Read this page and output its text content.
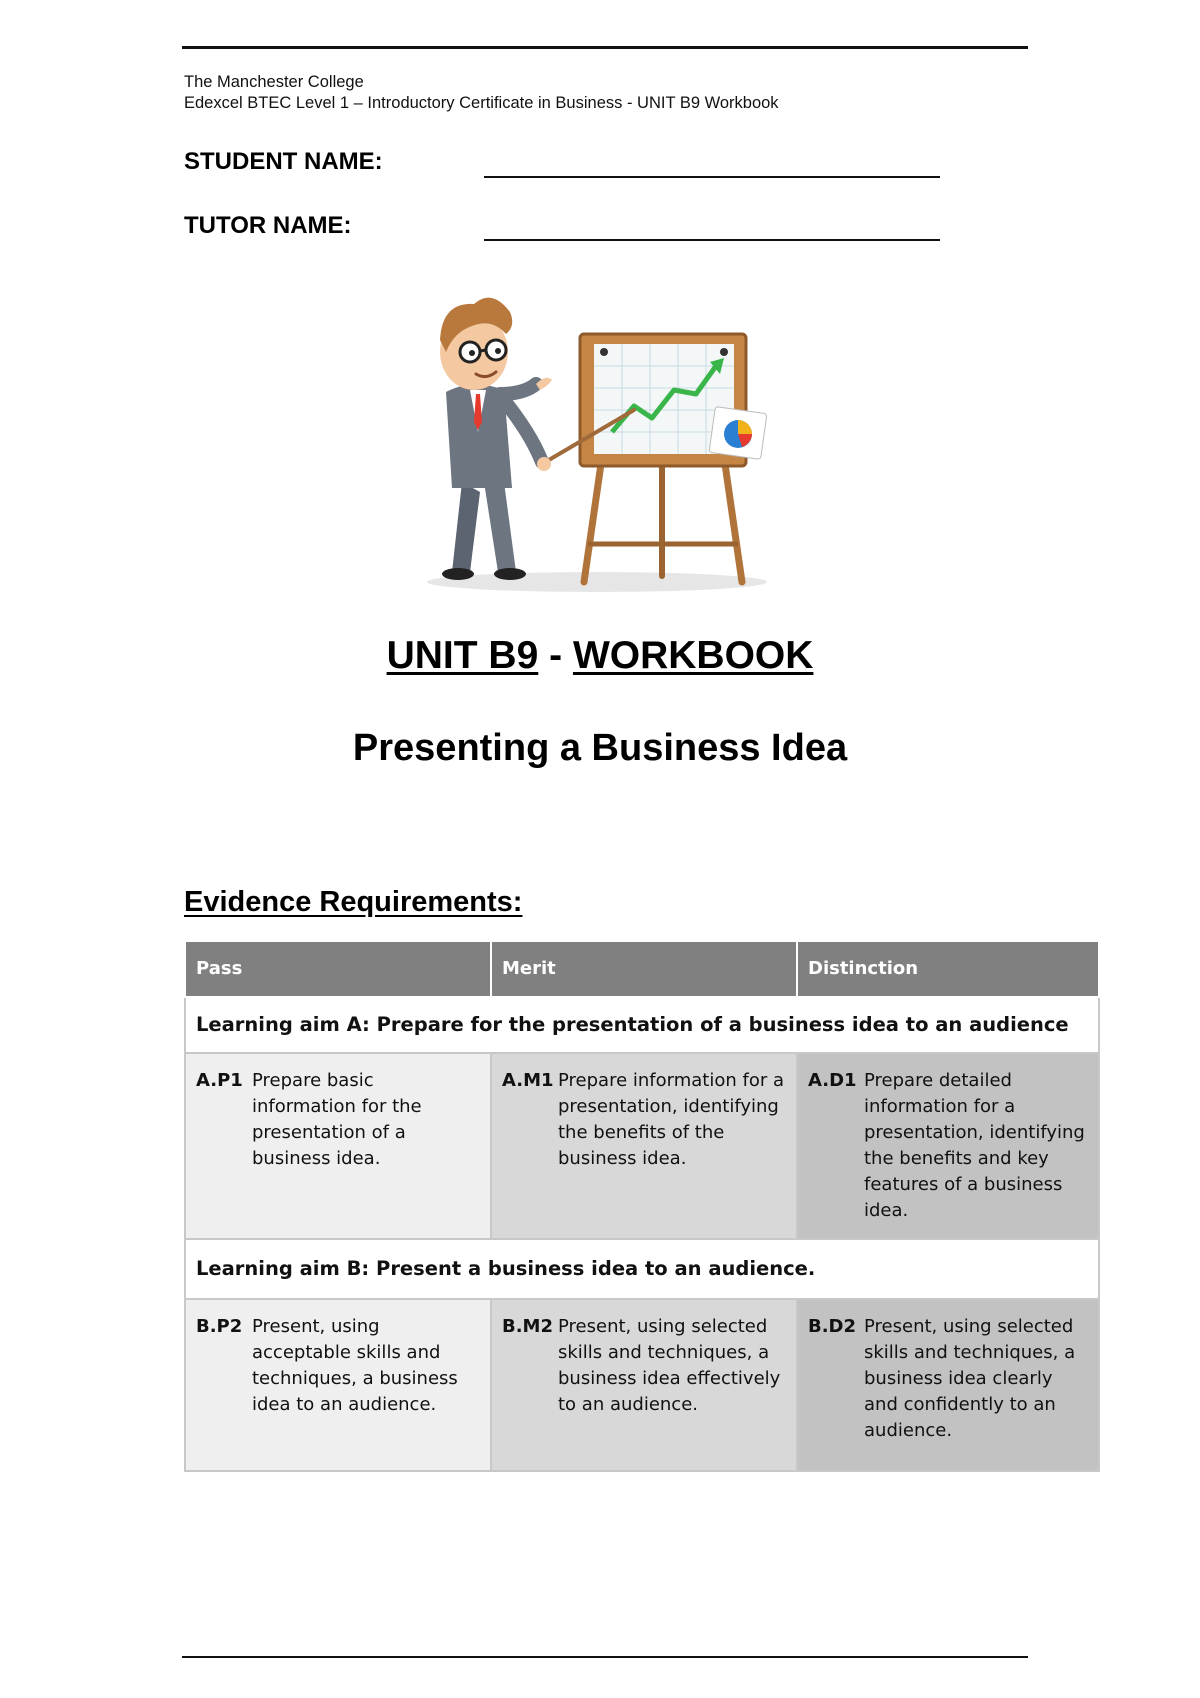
The Manchester College
Edexcel BTEC Level 1 – Introductory Certificate in Business - UNIT B9 Workbook
STUDENT NAME:
TUTOR NAME:
UNIT B9 - WORKBOOK
Presenting a Business Idea
Evidence Requirements:
Pass	Merit	Distinction
Learning aim A: Prepare for the presentation of a business idea to an audience		

A.P1 Prepare basic information for the presentation of a business idea.	A.M1 Prepare information for a presentation, identifying the benefits of the business idea.	A.D1 Prepare detailed information for a presentation, identifying the benefits and key features of a business idea.

Learning aim B: Present a business idea to an audience.		

B.P2 Present, using acceptable skills and techniques, a business idea to an audience.	B.M2 Present, using selected skills and techniques, a business idea effectively to an audience.	B.D2 Present, using selected skills and techniques, a business idea clearly and confidently to an audience.
